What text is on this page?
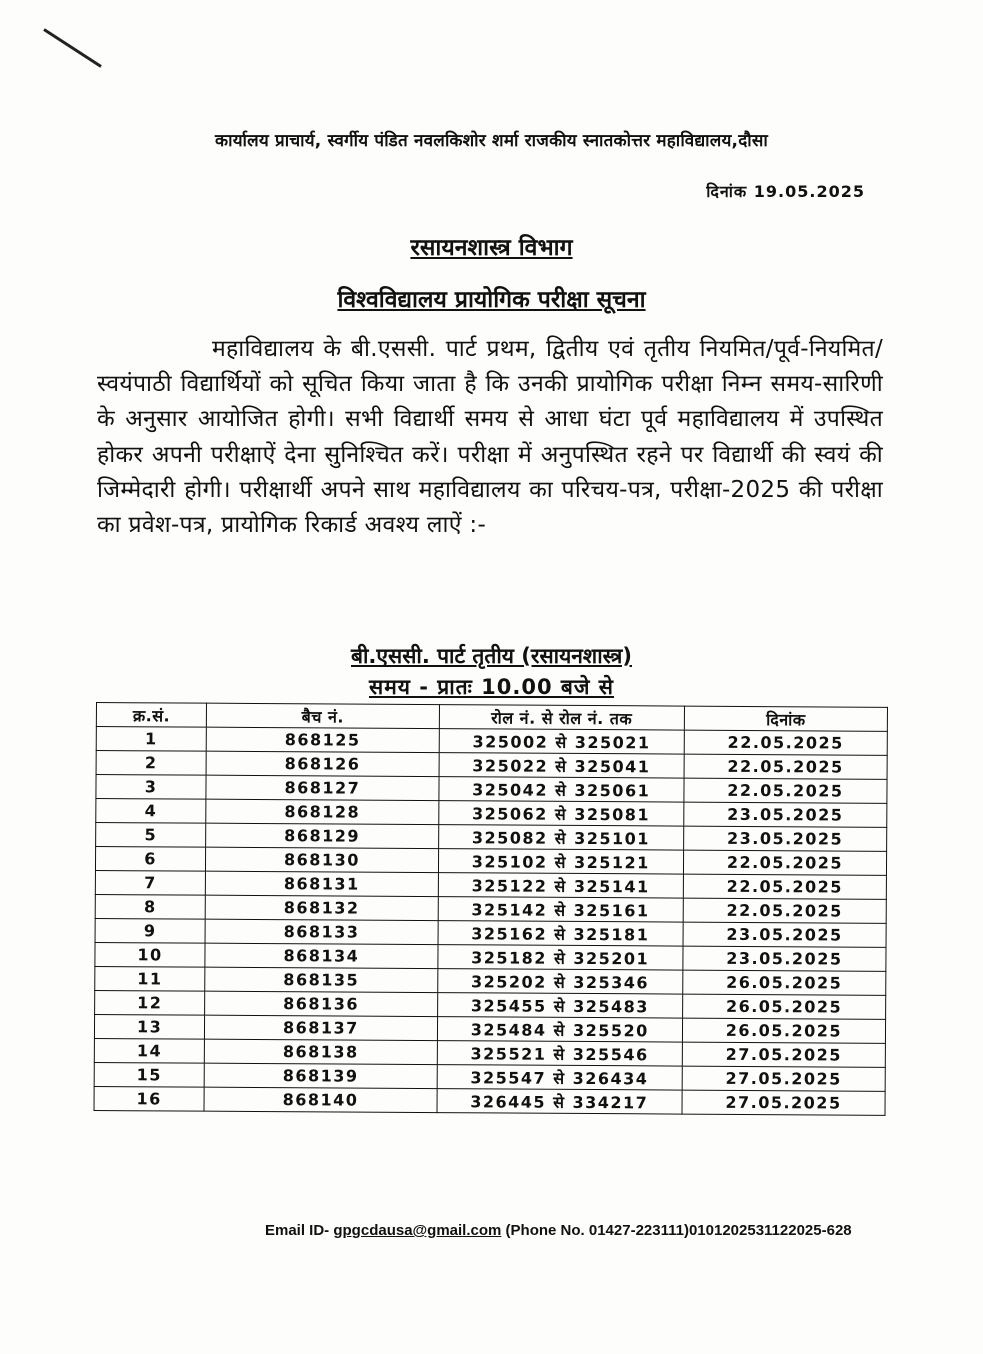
कार्यालय प्राचार्य, स्वर्गीय पंडित नवलकिशोर शर्मा राजकीय स्नातकोत्तर महाविद्यालय,दौसा
दिनांक 19.05.2025
रसायनशास्त्र विभाग
विश्वविद्यालय प्रायोगिक परीक्षा सूचना
महाविद्यालय के बी.एससी. पार्ट प्रथम, द्वितीय एवं तृतीय नियमित/पूर्व-नियमित/स्वयंपाठी विद्यार्थियों को सूचित किया जाता है कि उनकी प्रायोगिक परीक्षा निम्न समय-सारिणी के अनुसार आयोजित होगी। सभी विद्यार्थी समय से आधा घंटा पूर्व महाविद्यालय में उपस्थित होकर अपनी परीक्षाऐं देना सुनिश्चित करें। परीक्षा में अनुपस्थित रहने पर विद्यार्थी की स्वयं की जिम्मेदारी होगी। परीक्षार्थी अपने साथ महाविद्यालय का परिचय-पत्र, परीक्षा-2025 की परीक्षा का प्रवेश-पत्र, प्रायोगिक रिकार्ड अवश्य लाऐं :-
बी.एससी. पार्ट तृतीय (रसायनशास्त्र)
समय - प्रातः 10.00 बजे से
क्र.सं.	बैच नं.	रोल नं. से रोल नं. तक	दिनांक
1	868125	325002 से 325021	22.05.2025
2	868126	325022 से 325041	22.05.2025
3	868127	325042 से 325061	22.05.2025
4	868128	325062 से 325081	23.05.2025
5	868129	325082 से 325101	23.05.2025
6	868130	325102 से 325121	22.05.2025
7	868131	325122 से 325141	22.05.2025
8	868132	325142 से 325161	22.05.2025
9	868133	325162 से 325181	23.05.2025
10	868134	325182 से 325201	23.05.2025
11	868135	325202 से 325346	26.05.2025
12	868136	325455 से 325483	26.05.2025
13	868137	325484 से 325520	26.05.2025
14	868138	325521 से 325546	27.05.2025
15	868139	325547 से 326434	27.05.2025
16	868140	326445 से 334217	27.05.2025
Email ID- gpgcdausa@gmail.com (Phone No. 01427-223111)0101202531122025-628
